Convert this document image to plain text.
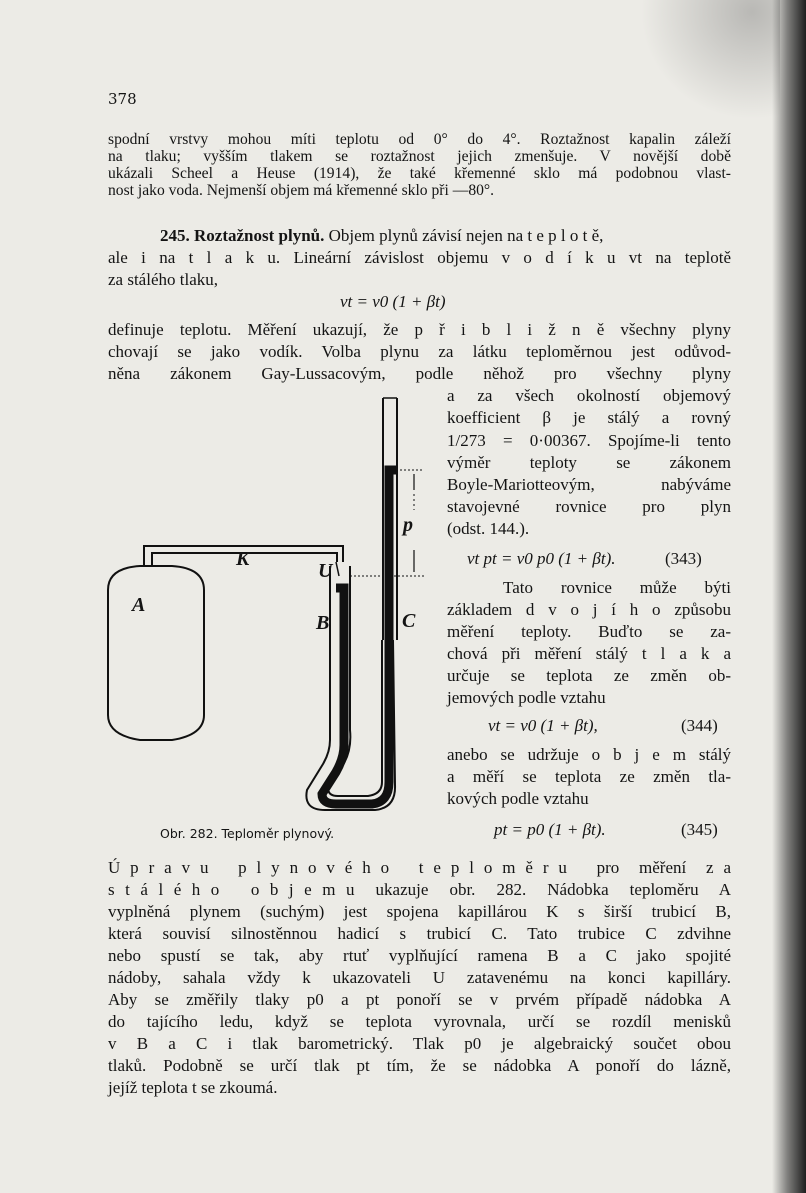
378
spodní vrstvy mohou míti teplotu od 0° do 4°. Roztažnost kapalin záleží
na tlaku; vyšším tlakem se roztažnost jejich zmenšuje. V novější době
ukázali Scheel a Heuse (1914), že také křemenné sklo má podobnou vlast-
nost jako voda. Nejmenší objem má křemenné sklo při —80°.
245. Roztažnost plynů. Objem plynů závisí nejen na t e p l o t ě,
ale i na t l a k u. Lineární závislost objemu v o d í k u vt na teplotě
za stálého tlaku,
vt = v0 (1 + βt)
definuje teplotu. Měření ukazují, že p ř i b l i ž n ě všechny plyny
chovají se jako vodík. Volba plynu za látku teploměrnou jest odůvod-
něna zákonem Gay-Lussacovým, podle něhož pro všechny plyny
a za všech okolností objemový
koefficient β je stálý a rovný
1/273 = 0·00367. Spojíme-li tento
výměr teploty se zákonem
Boyle-Mariotteovým, nabýváme
stavojevné rovnice pro plyn
(odst. 144.).
vt pt = v0 p0 (1 + βt).	(343)
Tato rovnice může býti
základem d v o j í h o způsobu
měření teploty. Buďto se za-
chová při měření stálý t l a k a
určuje se teplota ze změn ob-
jemových podle vztahu
vt = v0 (1 + βt),	(344)
anebo se udržuje o b j e m stálý
a měří se teplota ze změn tla-
kových podle vztahu
pt = p0 (1 + βt).	(345)
A
K
U
B	C
p
Obr. 282. Teploměr plynový.
Ú p r a v u   p l y n o v é h o   t e p l o m ě r u   pro  měření  z a
s t á l é h o   o b j e m u  ukazuje  obr.  282.  Nádobka  teploměru  A
vyplněná plynem (suchým) jest spojena kapillárou K s širší trubicí B,
která souvisí silnostěnnou hadicí s trubicí C. Tato trubice C zdvihne
nebo spustí se tak, aby rtuť vyplňující ramena B a C jako spojité
nádoby, sahala vždy k ukazovateli U zatavenému na konci kapilláry.
Aby se změřily tlaky p0 a pt ponoří se v prvém případě nádobka A
do tajícího ledu, když se teplota vyrovnala, určí se rozdíl menisků
v B a C i tlak barometrický. Tlak p0 je algebraický součet obou
tlaků. Podobně se určí tlak pt tím, že se nádobka A ponoří do lázně,
jejíž teplota t se zkoumá.
